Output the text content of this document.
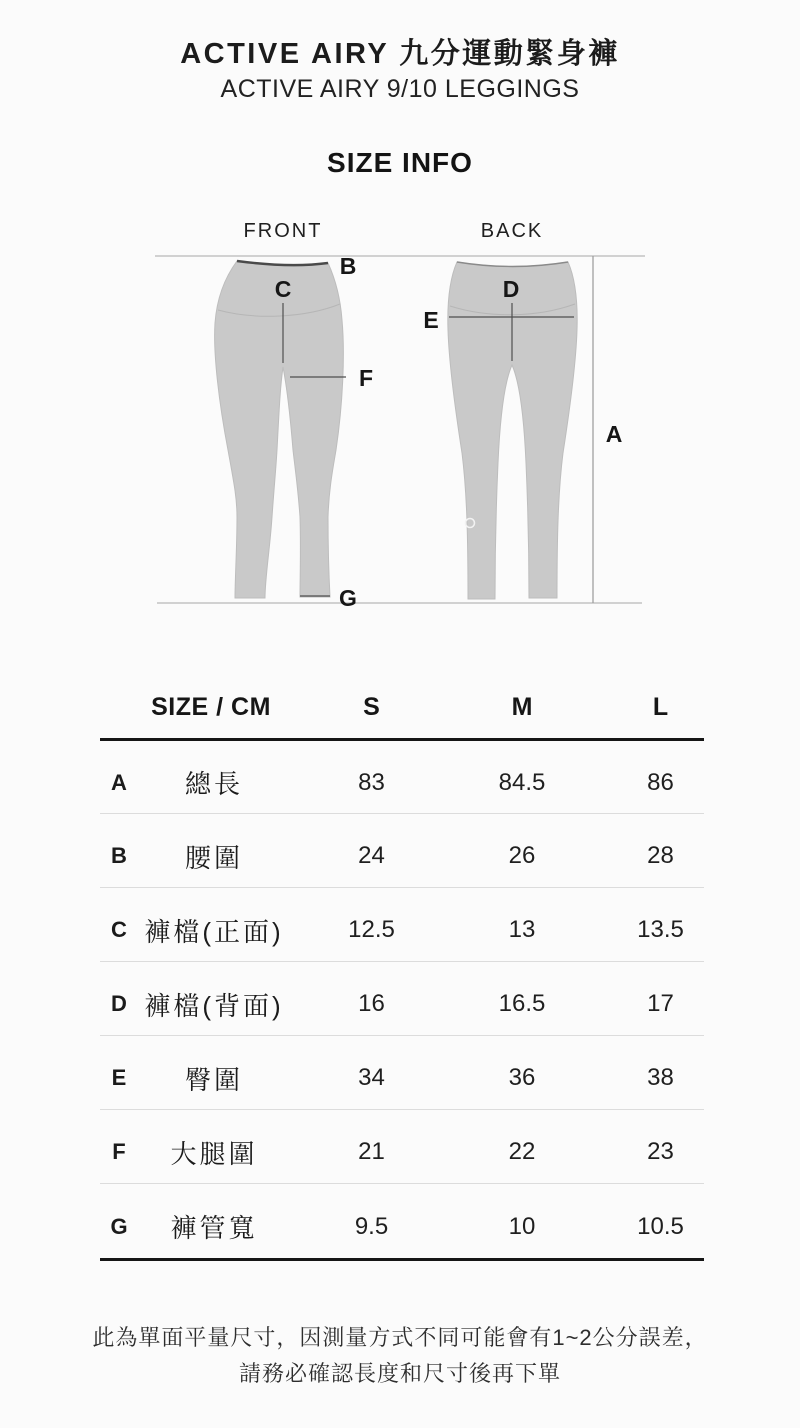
ACTIVE AIRY 九分運動緊身褲
ACTIVE AIRY 9/10 LEGGINGS
SIZE INFO
FRONT	BACK
B
C	D
E
F
A
G
SIZE / CM		S	M	L
A	總長	83	84.5	86
B	腰圍	24	26	28
C	褲檔(正面)	12.5	13	13.5
D	褲檔(背面)	16	16.5	17
E	臀圍	34	36	38
F	大腿圍	21	22	23
G	褲管寬	9.5	10	10.5
此為單面平量尺寸，因測量方式不同可能會有1~2公分誤差，
請務必確認長度和尺寸後再下單
